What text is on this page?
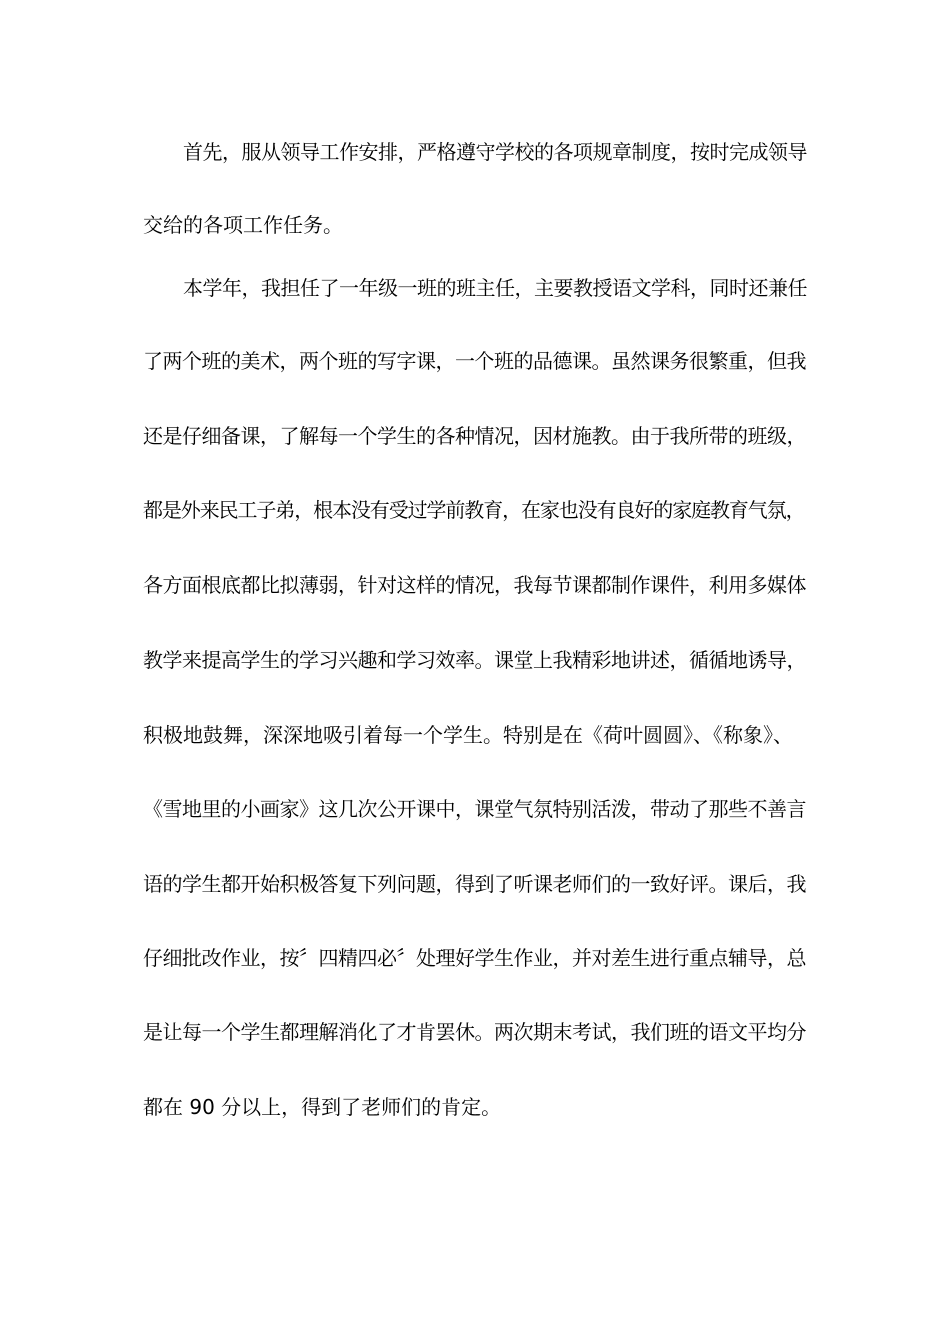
首先，服从领导工作安排，严格遵守学校的各项规章制度，按时完成领导
交给的各项工作任务。
本学年，我担任了一年级一班的班主任，主要教授语文学科，同时还兼任
了两个班的美术，两个班的写字课，一个班的品德课。虽然课务很繁重，但我
还是仔细备课，了解每一个学生的各种情况，因材施教。由于我所带的班级，
都是外来民工子弟，根本没有受过学前教育，在家也没有良好的家庭教育气氛，
各方面根底都比拟薄弱，针对这样的情况，我每节课都制作课件，利用多媒体
教学来提高学生的学习兴趣和学习效率。课堂上我精彩地讲述，循循地诱导，
积极地鼓舞，深深地吸引着每一个学生。特别是在《荷叶圆圆》、《称象》、
《雪地里的小画家》这几次公开课中，课堂气氛特别活泼，带动了那些不善言
语的学生都开始积极答复下列问题，得到了听课老师们的一致好评。课后，我
仔细批改作业，按〞四精四必〞处理好学生作业，并对差生进行重点辅导，总
是让每一个学生都理解消化了才肯罢休。两次期末考试，我们班的语文平均分
都在 90 分以上，得到了老师们的肯定。
